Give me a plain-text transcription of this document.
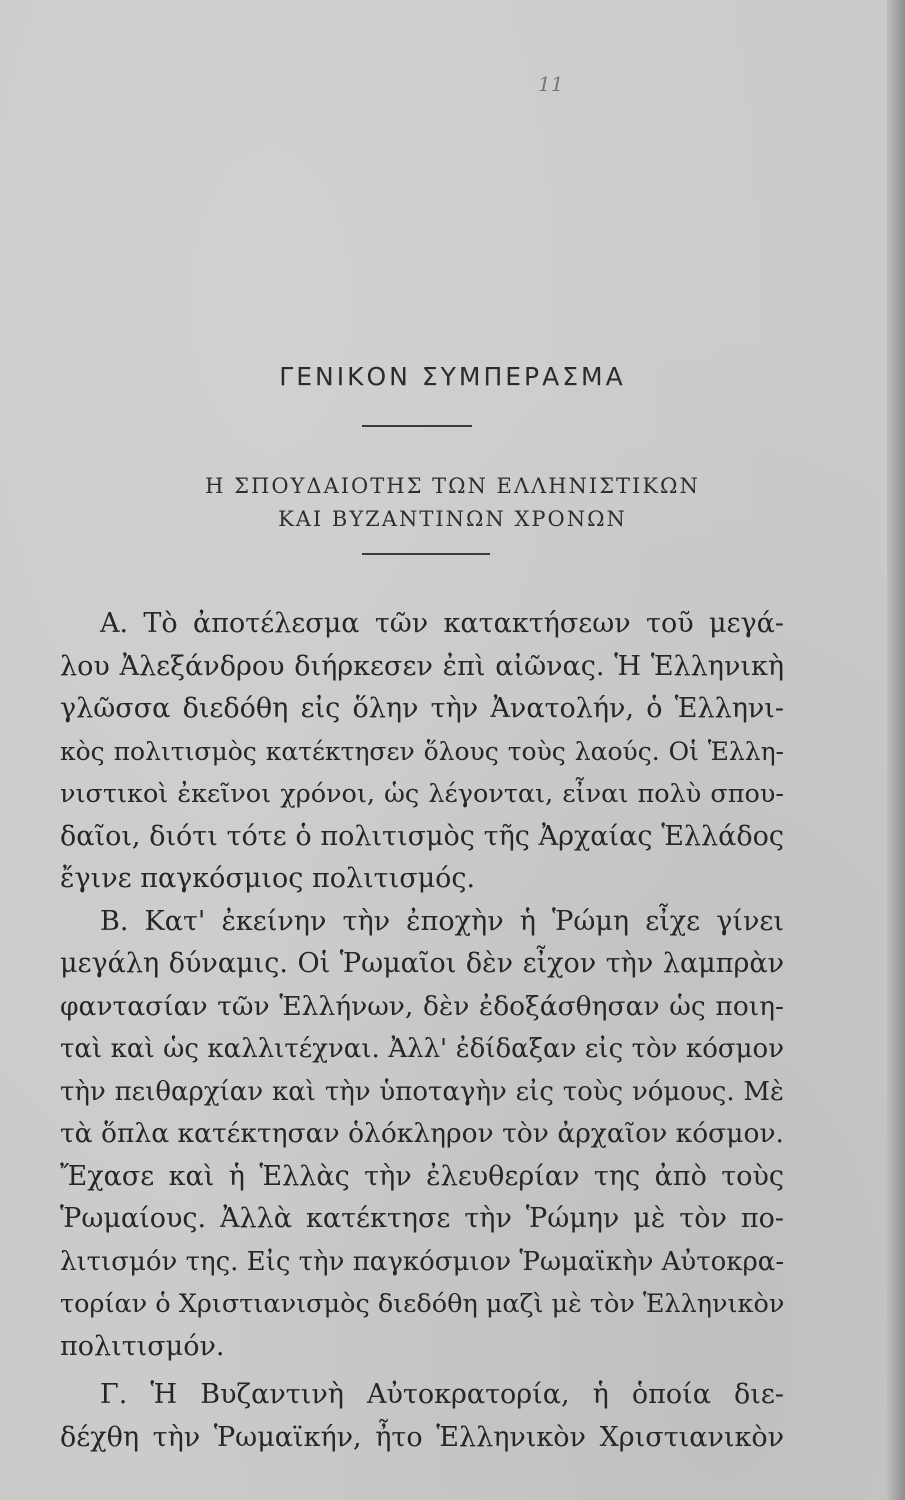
11
ΓΕΝΙΚΟΝ ΣΥΜΠΕΡΑΣΜΑ
Η ΣΠΟΥΔΑΙΟΤΗΣ ΤΩΝ ΕΛΛΗΝΙΣΤΙΚΩΝ
ΚΑΙ ΒΥΖΑΝΤΙΝΩΝ ΧΡΟΝΩΝ
Α. Τὸ ἀποτέλεσμα τῶν κατακτήσεων τοῦ μεγά-
λου Ἀλεξάνδρου διήρκεσεν ἐπὶ αἰῶνας. Ἡ Ἑλληνικὴ
γλῶσσα διεδόθη εἰς ὅλην τὴν Ἀνατολήν, ὁ Ἑλληνι-
κὸς πολιτισμὸς κατέκτησεν ὅλους τοὺς λαούς. Οἱ Ἑλλη-
νιστικοὶ ἐκεῖνοι χρόνοι, ὡς λέγονται, εἶναι πολὺ σπου-
δαῖοι, διότι τότε ὁ πολιτισμὸς τῆς Ἀρχαίας Ἑλλάδος
ἔγινε παγκόσμιος πολιτισμός.
Β. Κατ' ἐκείνην τὴν ἐποχὴν ἡ Ῥώμη εἶχε γίνει
μεγάλη δύναμις. Οἱ Ῥωμαῖοι δὲν εἶχον τὴν λαμπρὰν
φαντασίαν τῶν Ἑλλήνων, δὲν ἐδοξάσθησαν ὡς ποιη-
ταὶ καὶ ὡς καλλιτέχναι. Ἀλλ' ἐδίδαξαν εἰς τὸν κόσμον
τὴν πειθαρχίαν καὶ τὴν ὑποταγὴν εἰς τοὺς νόμους. Μὲ
τὰ ὅπλα κατέκτησαν ὁλόκληρον τὸν ἀρχαῖον κόσμον.
Ἔχασε καὶ ἡ Ἑλλὰς τὴν ἐλευθερίαν της ἀπὸ τοὺς
Ῥωμαίους. Ἀλλὰ κατέκτησε τὴν Ῥώμην μὲ τὸν πο-
λιτισμόν της. Εἰς τὴν παγκόσμιον Ῥωμαϊκὴν Αὐτοκρα-
τορίαν ὁ Χριστιανισμὸς διεδόθη μαζὶ μὲ τὸν Ἑλληνικὸν
πολιτισμόν.
Γ. Ἡ Βυζαντινὴ Αὐτοκρατορία, ἡ ὁποία διε-
δέχθη τὴν Ῥωμαϊκήν, ἦτο Ἑλληνικὸν Χριστιανικὸν
